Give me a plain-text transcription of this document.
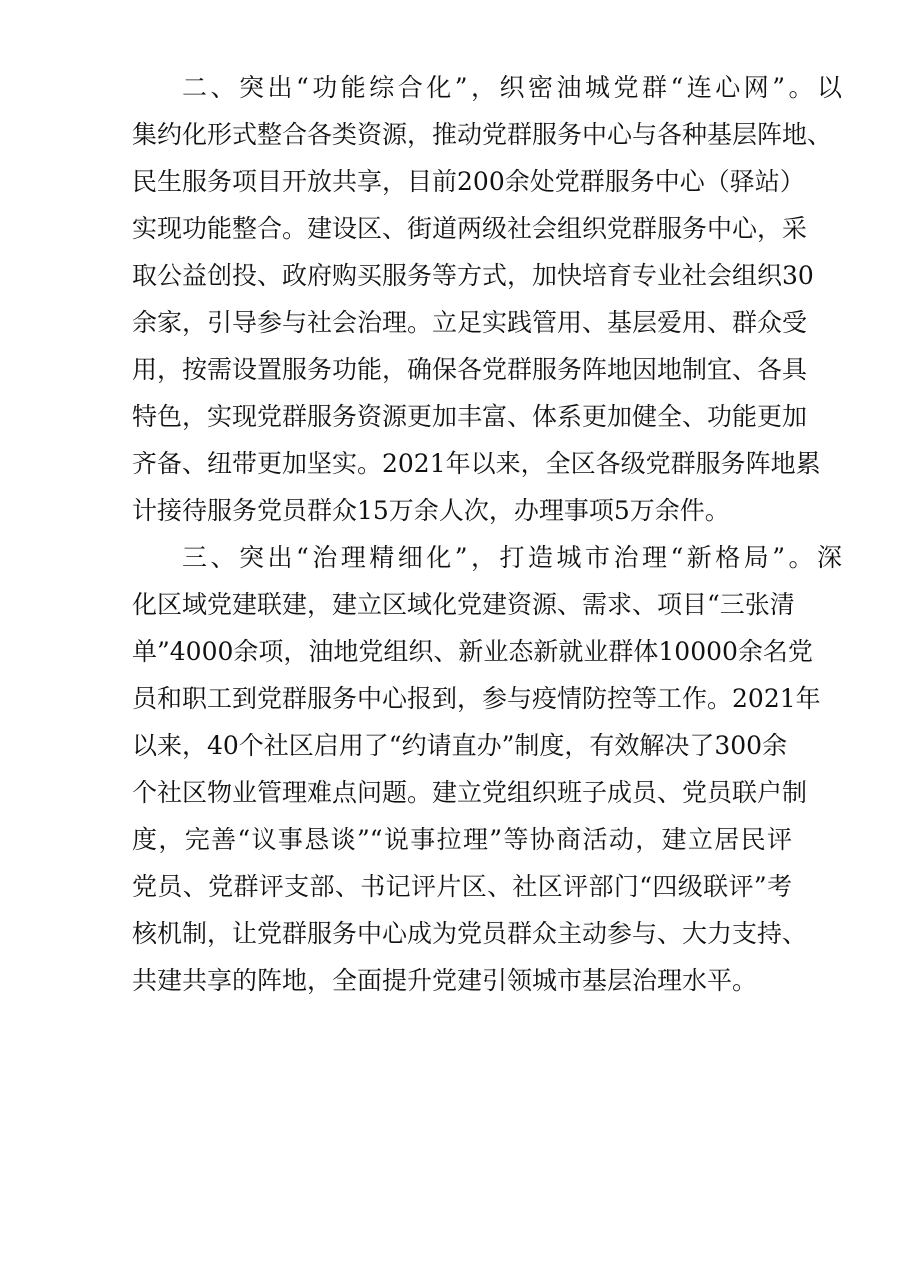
二、突出“功能综合化”，织密油城党群“连心网”。以
集约化形式整合各类资源，推动党群服务中心与各种基层阵地、
民生服务项目开放共享，目前200余处党群服务中心（驿站）
实现功能整合。建设区、街道两级社会组织党群服务中心，采
取公益创投、政府购买服务等方式，加快培育专业社会组织30
余家，引导参与社会治理。立足实践管用、基层爱用、群众受
用，按需设置服务功能，确保各党群服务阵地因地制宜、各具
特色，实现党群服务资源更加丰富、体系更加健全、功能更加
齐备、纽带更加坚实。2021年以来，全区各级党群服务阵地累
计接待服务党员群众15万余人次，办理事项5万余件。
三、突出“治理精细化”，打造城市治理“新格局”。深
化区域党建联建，建立区域化党建资源、需求、项目“三张清
单”4000余项，油地党组织、新业态新就业群体10000余名党
员和职工到党群服务中心报到，参与疫情防控等工作。2021年
以来，40个社区启用了“约请直办”制度，有效解决了300余
个社区物业管理难点问题。建立党组织班子成员、党员联户制
度，完善“议事恳谈”“说事拉理”等协商活动，建立居民评
党员、党群评支部、书记评片区、社区评部门“四级联评”考
核机制，让党群服务中心成为党员群众主动参与、大力支持、
共建共享的阵地，全面提升党建引领城市基层治理水平。
